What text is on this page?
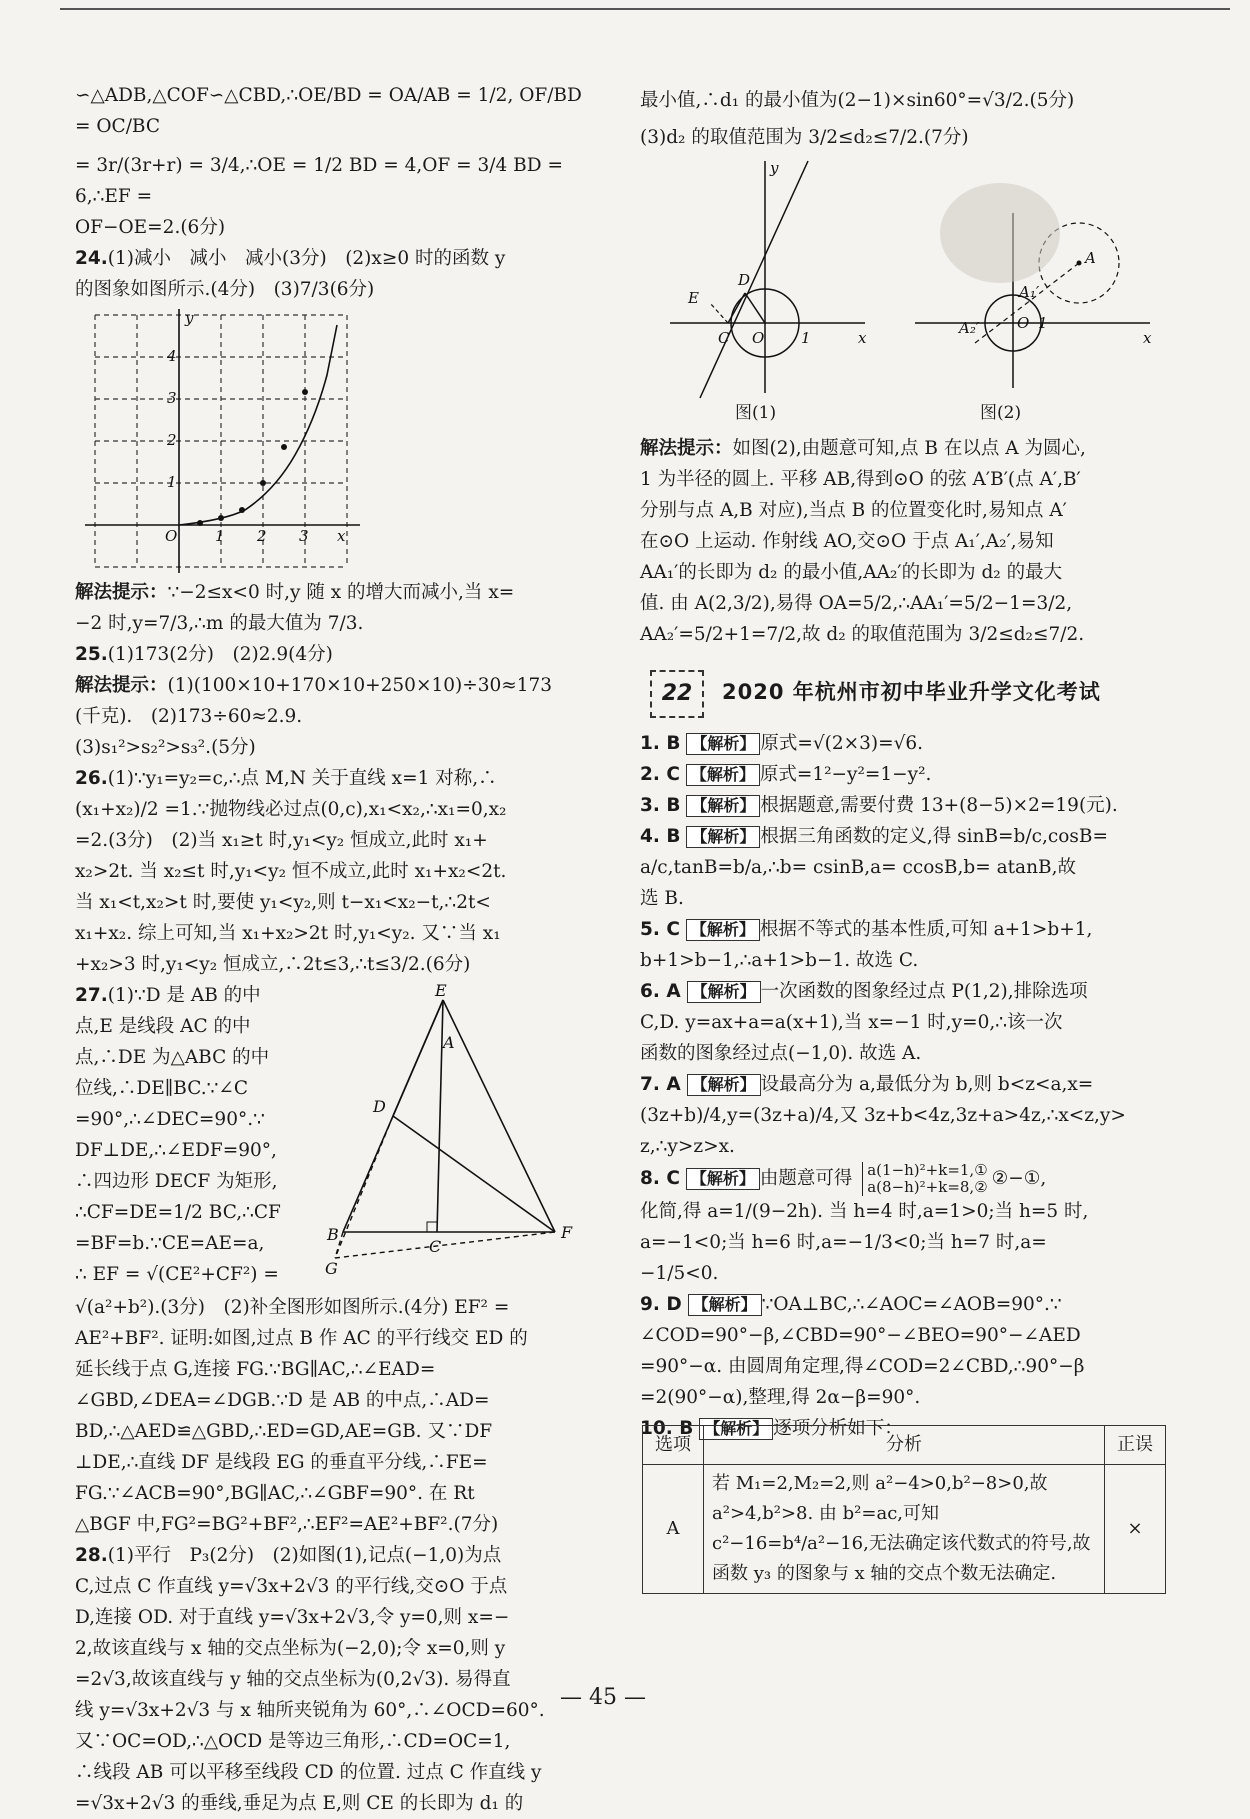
∽△ADB,△COF∽△CBD,∴OE/BD = OA/AB = 1/2, OF/BD = OC/BC

= 3r/(3r+r) = 3/4,∴OE = 1/2 BD = 4,OF = 3/4 BD = 6,∴EF =

OF−OE=2.(6分)

24.(1)减小　减小　减小(3分)　(2)x≥0 时的函数 y

的图象如图所示.(4分)　(3)7/3(6分)

O	1 2 3 x
y
4
3
2
1

解法提示：∵−2≤x<0 时,y 随 x 的增大而减小,当 x=

−2 时,y=7/3,∴m 的最大值为 7/3.

25.(1)173(2分)　(2)2.9(4分)

解法提示：(1)(100×10+170×10+250×10)÷30≈173

(千克).　(2)173÷60≈2.9.

(3)s₁²>s₂²>s₃².(5分)

26.(1)∵y₁=y₂=c,∴点 M,N 关于直线 x=1 对称,∴

(x₁+x₂)/2 =1.∵抛物线必过点(0,c),x₁<x₂,∴x₁=0,x₂

=2.(3分)　(2)当 x₁≥t 时,y₁<y₂ 恒成立,此时 x₁+

x₂>2t. 当 x₂≤t 时,y₁<y₂ 恒不成立,此时 x₁+x₂<2t.

当 x₁<t,x₂>t 时,要使 y₁<y₂,则 t−x₁<x₂−t,∴2t<

x₁+x₂. 综上可知,当 x₁+x₂>2t 时,y₁<y₂. 又∵当 x₁

+x₂>3 时,y₁<y₂ 恒成立,∴2t≤3,∴t≤3/2.(6分)

27.(1)∵D 是 AB 的中

点,E 是线段 AC 的中

点,∴DE 为△ABC 的中

位线,∴DE∥BC.∵∠C

=90°,∴∠DEC=90°.∵

DF⊥DE,∴∠EDF=90°,

∴四边形 DECF 为矩形,

∴CF=DE=1/2 BC,∴CF

=BF=b.∵CE=AE=a,

∴ EF = √(CE²+CF²) =

E
A
D
B
C
F
G

√(a²+b²).(3分)　(2)补全图形如图所示.(4分) EF² =

AE²+BF². 证明:如图,过点 B 作 AC 的平行线交 ED 的

延长线于点 G,连接 FG.∵BG∥AC,∴∠EAD=

∠GBD,∠DEA=∠DGB.∵D 是 AB 的中点,∴AD=

BD,∴△AED≌△GBD,∴ED=GD,AE=GB. 又∵DF

⊥DE,∴直线 DF 是线段 EG 的垂直平分线,∴FE=

FG.∵∠ACB=90°,BG∥AC,∴∠GBF=90°. 在 Rt

△BGF 中,FG²=BG²+BF²,∴EF²=AE²+BF².(7分)

28.(1)平行　P₃(2分)　(2)如图(1),记点(−1,0)为点

C,过点 C 作直线 y=√3x+2√3 的平行线,交⊙O 于点

D,连接 OD. 对于直线 y=√3x+2√3,令 y=0,则 x=−

2,故该直线与 x 轴的交点坐标为(−2,0);令 x=0,则 y

=2√3,故该直线与 y 轴的交点坐标为(0,2√3). 易得直

线 y=√3x+2√3 与 x 轴所夹锐角为 60°,∴∠OCD=60°.

又∵OC=OD,∴△OCD 是等边三角形,∴CD=OC=1,

∴线段 AB 可以平移至线段 CD 的位置. 过点 C 作直线 y

=√3x+2√3 的垂线,垂足为点 E,则 CE 的长即为 d₁ 的

最小值,∴d₁ 的最小值为(2−1)×sin60°=√3/2.(5分)

(3)d₂ 的取值范围为 3/2≤d₂≤7/2.(7分)

y
x
O 1
C
D
E
图(1)
A
O 1
x
A₂′
A₁′
图(2)

解法提示：如图(2),由题意可知,点 B 在以点 A 为圆心,

1 为半径的圆上. 平移 AB,得到⊙O 的弦 A′B′(点 A′,B′

分别与点 A,B 对应),当点 B 的位置变化时,易知点 A′

在⊙O 上运动. 作射线 AO,交⊙O 于点 A₁′,A₂′,易知

AA₁′的长即为 d₂ 的最小值,AA₂′的长即为 d₂ 的最大

值. 由 A(2,3/2),易得 OA=5/2,∴AA₁′=5/2−1=3/2,

AA₂′=5/2+1=7/2,故 d₂ 的取值范围为 3/2≤d₂≤7/2.

22	2020 年杭州市初中毕业升学文化考试

1. B 【解析】 原式=√(2×3)=√6.

2. C 【解析】 原式=1²−y²=1−y².

3. B 【解析】 根据题意,需要付费 13+(8−5)×2=19(元).

4. B 【解析】 根据三角函数的定义,得 sinB=b/c,cosB=

a/c,tanB=b/a,∴b= csinB,a= ccosB,b= atanB,故

选 B.

5. C 【解析】 根据不等式的基本性质,可知 a+1>b+1,

b+1>b−1,∴a+1>b−1. 故选 C.

6. A 【解析】 一次函数的图象经过点 P(1,2),排除选项

C,D. y=ax+a=a(x+1),当 x=−1 时,y=0,∴该一次

函数的图象经过点(−1,0). 故选 A.

7. A 【解析】 设最高分为 a,最低分为 b,则 b<z<a,x=

(3z+b)/4,y=(3z+a)/4,又 3z+b<4z,3z+a>4z,∴x<z,y>

z,∴y>z>x.

8. C 【解析】 由题意可得 a(1−h)²+k=1,①
a(8−h)²+k=8,② ②−①,

化简,得 a=1/(9−2h). 当 h=4 时,a=1>0;当 h=5 时,

a=−1<0;当 h=6 时,a=−1/3<0;当 h=7 时,a=

−1/5<0.

9. D 【解析】 ∵OA⊥BC,∴∠AOC=∠AOB=90°.∵

∠COD=90°−β,∠CBD=90°−∠BEO=90°−∠AED

=90°−α. 由圆周角定理,得∠COD=2∠CBD,∴90°−β

=2(90°−α),整理,得 2α−β=90°.

10. B 【解析】 逐项分析如下：

选项	分析	正误
A	若 M₁=2,M₂=2,则 a²−4>0,b²−8>0,故 a²>4,b²>8. 由 b²=ac,可知 c²−16=b⁴/a²−16,无法确定该代数式的符号,故函数 y₃ 的图象与 x 轴的交点个数无法确定.	×
— 45 —
